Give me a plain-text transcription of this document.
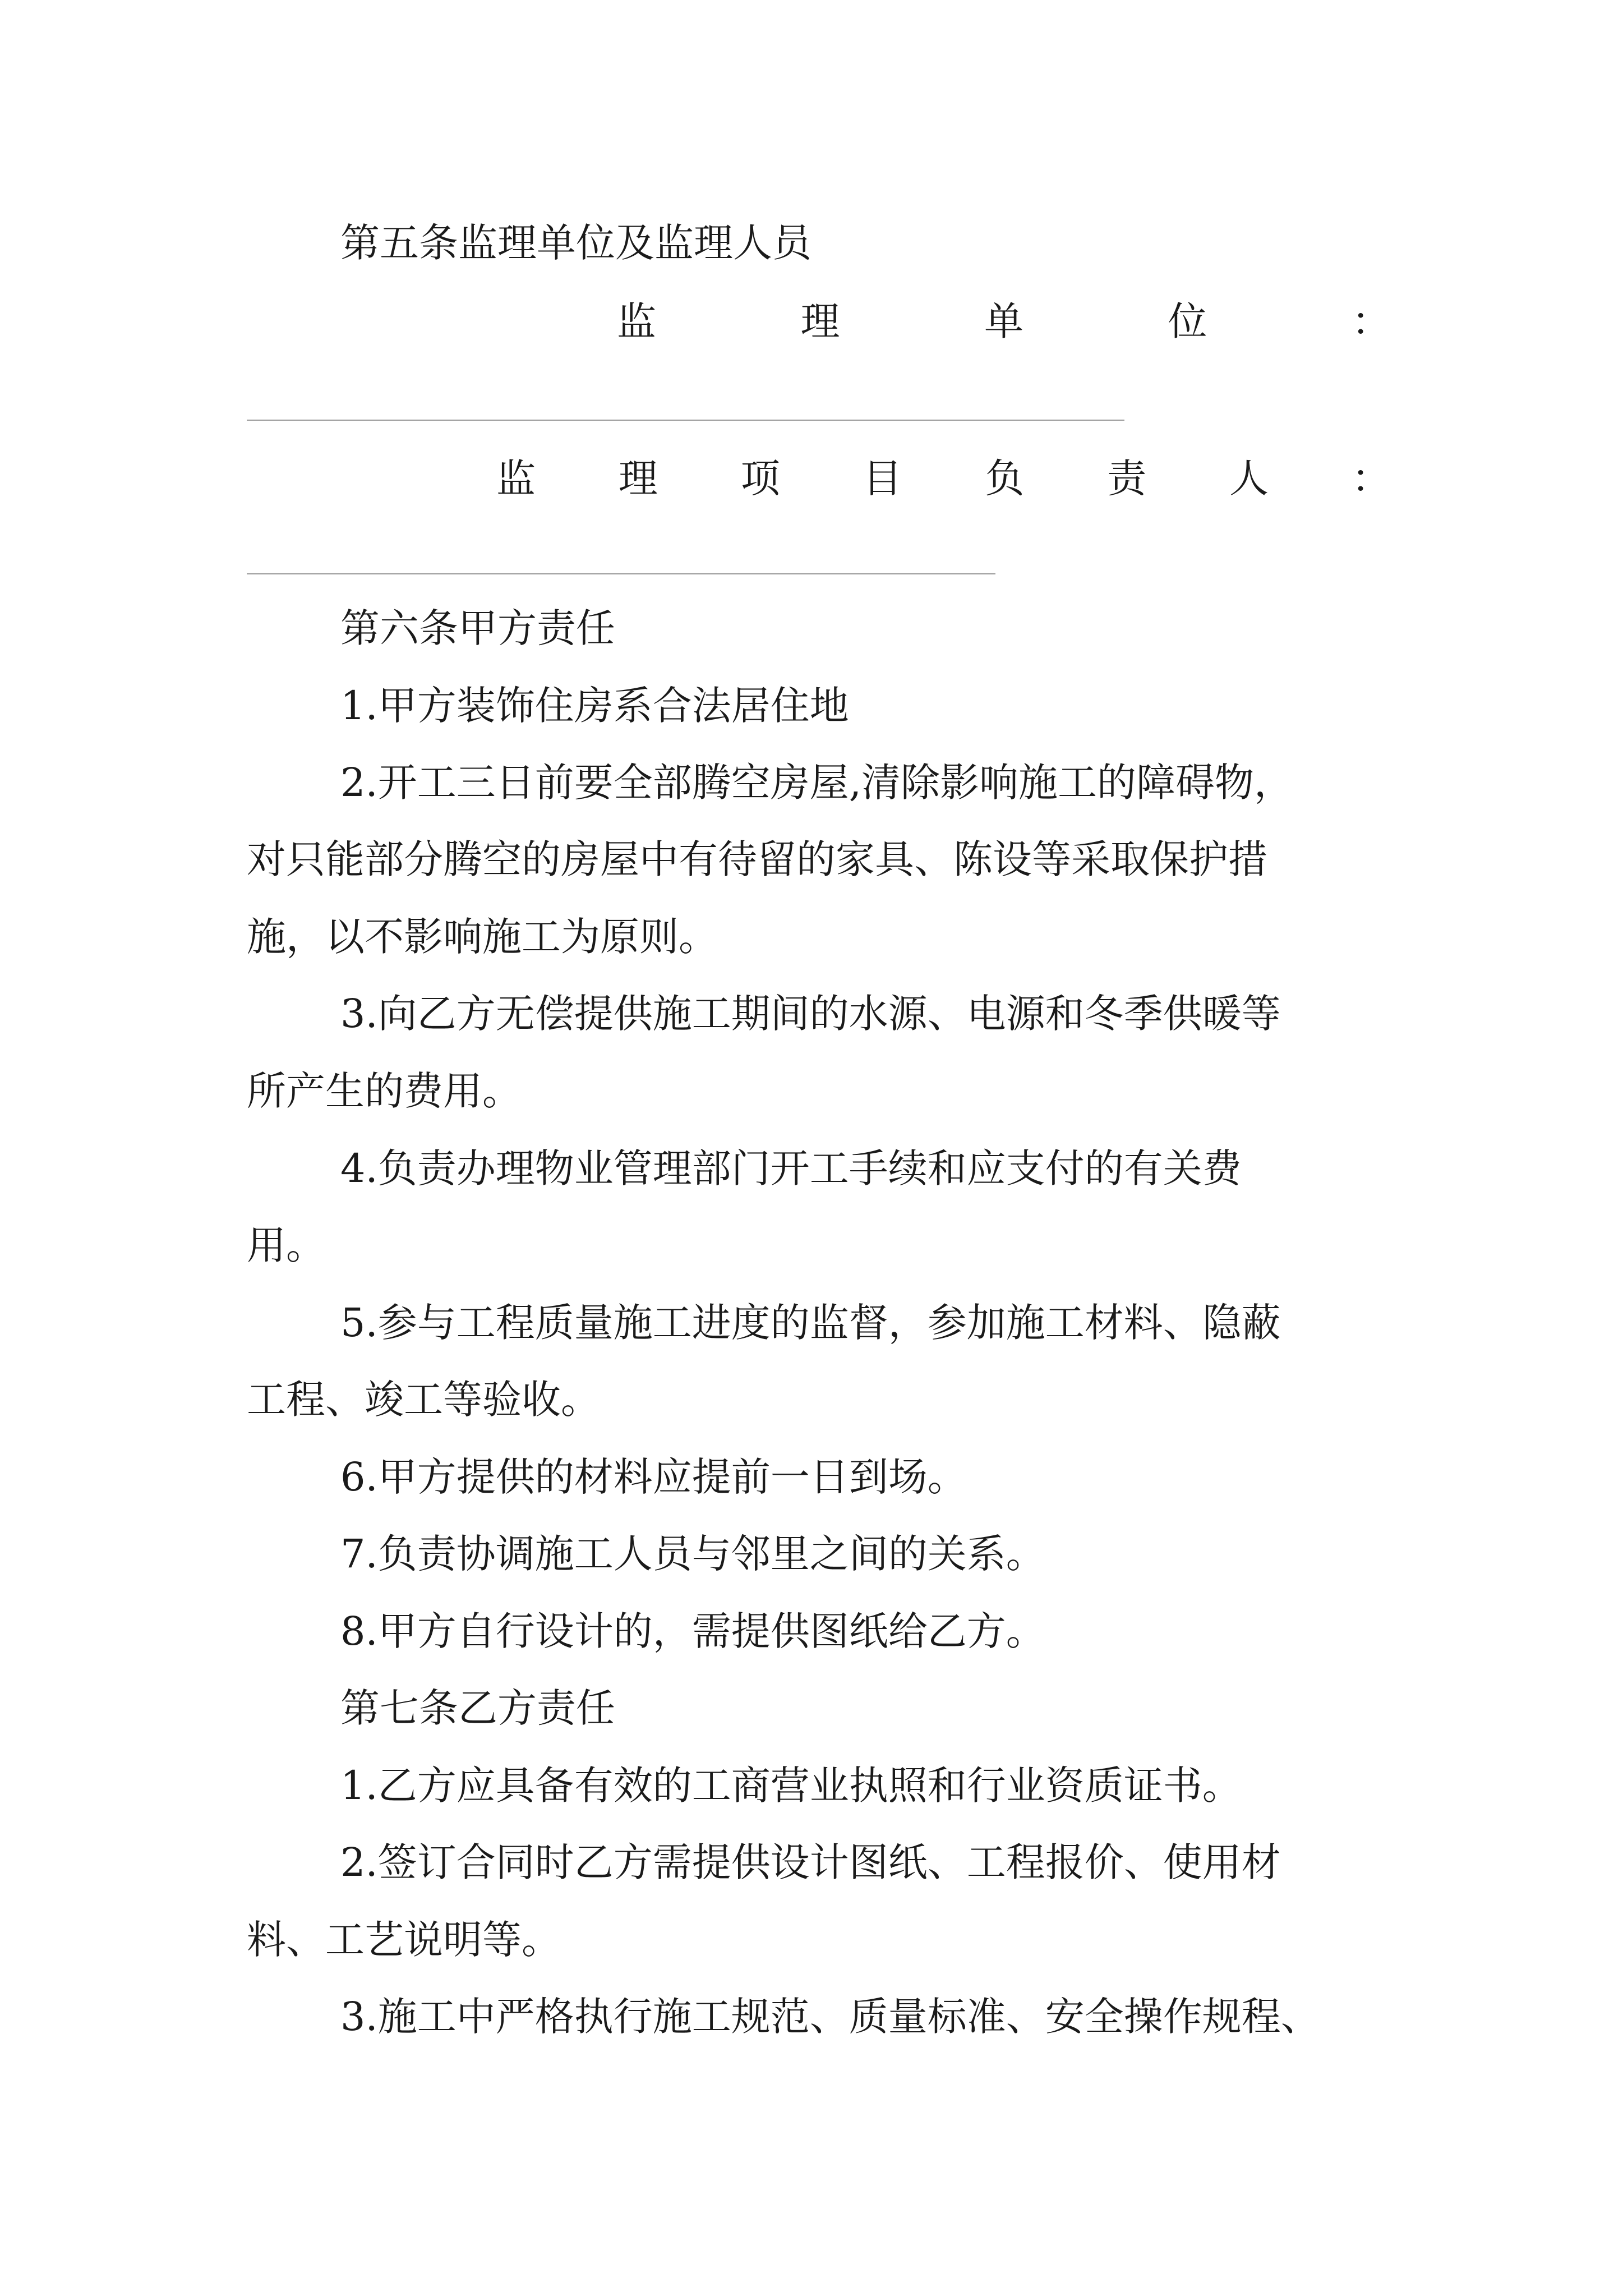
第五条监理单位及监理人员
监	理	单	位	：
监 理 项 目 负 责 人 ：
第六条甲方责任
1.甲方装饰住房系合法居住地
2.开工三日前要全部腾空房屋,清除影响施工的障碍物，
对只能部分腾空的房屋中有待留的家具、陈设等采取保护措
施，以不影响施工为原则。
3.向乙方无偿提供施工期间的水源、电源和冬季供暖等
所产生的费用。
4.负责办理物业管理部门开工手续和应支付的有关费
用。
5.参与工程质量施工进度的监督，参加施工材料、隐蔽
工程、竣工等验收。
6.甲方提供的材料应提前一日到场。
7.负责协调施工人员与邻里之间的关系。
8.甲方自行设计的，需提供图纸给乙方。
第七条乙方责任
1.乙方应具备有效的工商营业执照和行业资质证书。
2.签订合同时乙方需提供设计图纸、工程报价、使用材
料、工艺说明等。
3.施工中严格执行施工规范、质量标准、安全操作规程、
